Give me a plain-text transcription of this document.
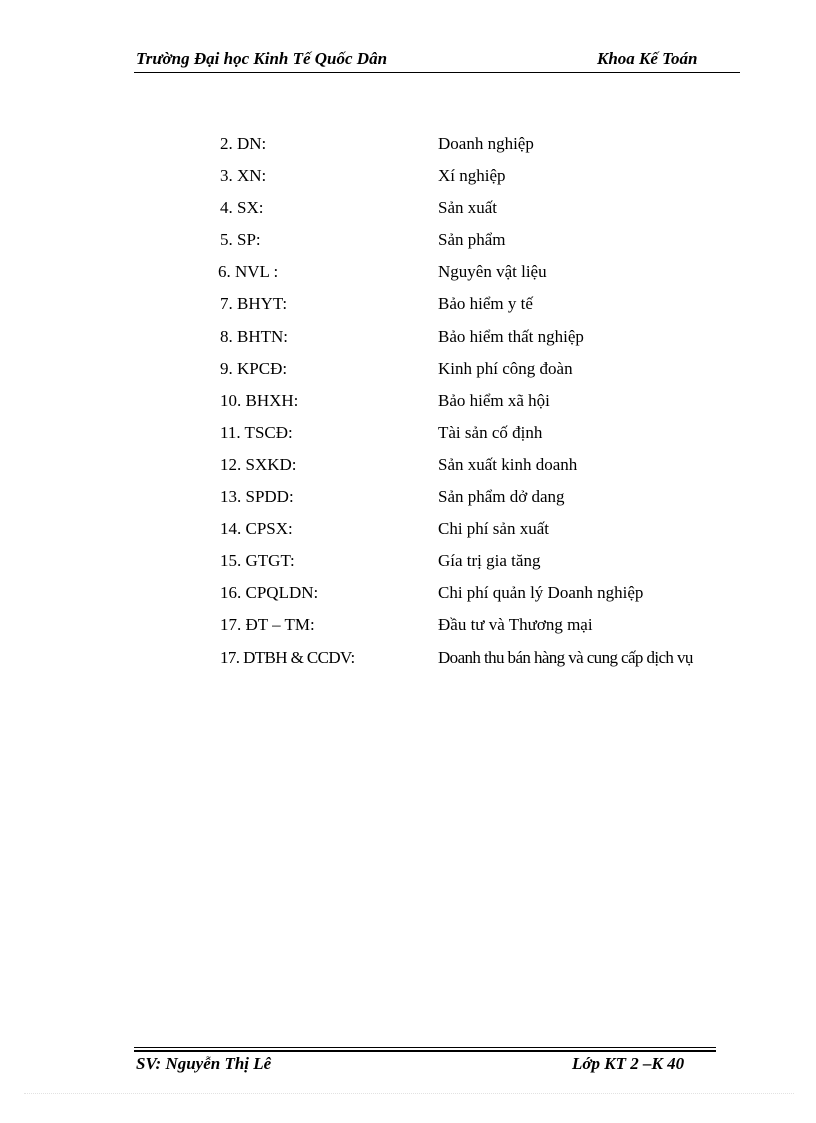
Trường Đại học Kinh Tế Quốc Dân	Khoa Kế Toán
2. DN:	Doanh nghiệp
3. XN:	Xí nghiệp
4. SX:	Sản xuất
5. SP:	Sản phẩm
6. NVL :	Nguyên vật liệu
7. BHYT:	Bảo hiểm y tế
8. BHTN:	Bảo hiểm thất nghiệp
9. KPCĐ:	Kinh phí công đoàn
10. BHXH:	Bảo hiểm xã hội
11. TSCĐ:	Tài sản cố định
12. SXKD:	Sản xuất kinh doanh
13. SPDD:	Sản phẩm dở dang
14. CPSX:	Chi phí sản xuất
15. GTGT:	Gía trị gia tăng
16. CPQLDN:	Chi phí quản lý Doanh nghiệp
17. ĐT – TM:	Đầu tư và Thương mại
17. DTBH & CCDV:	Doanh thu bán hàng và cung cấp dịch vụ
SV: Nguyễn Thị Lê	Lớp KT 2 –K 40
